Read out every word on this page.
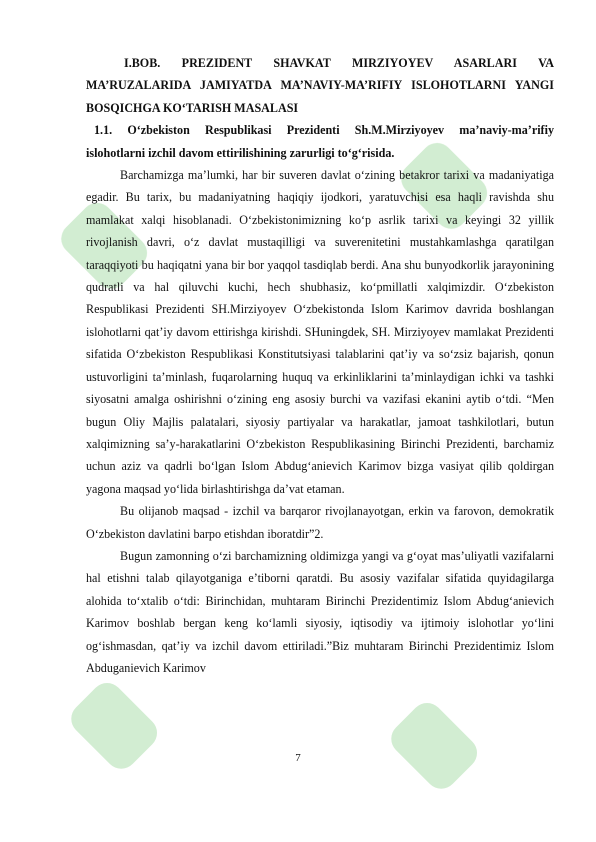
I.BOB. PREZIDENT SHAVKAT MIRZIYOYEV ASARLARI VA MA’RUZALARIDA JAMIYATDA MA’NAVIY-MA’RIFIY ISLOHOTLARNI YANGI BOSQICHGA KO‘TARISH MASALASI

1.1. O‘zbekiston Respublikasi Prezidenti Sh.M.Mirziyoyev ma’naviy-ma’rifiy islohotlarni izchil davom ettirilishining zarurligi to‘g‘risida.

Barchamizga ma’lumki, har bir suveren davlat o‘zining betakror tarixi va madaniyatiga egadir. Bu tarix, bu madaniyatning haqiqiy ijodkori, yaratuvchisi esa haqli ravishda shu mamlakat xalqi hisoblanadi. O‘zbekistonimizning ko‘p asrlik tarixi va keyingi 32 yillik rivojlanish davri, o‘z davlat mustaqilligi va suverenitetini mustahkamlashga qaratilgan taraqqiyoti bu haqiqatni yana bir bor yaqqol tasdiqlab berdi. Ana shu bunyodkorlik jarayonining qudratli va hal qiluvchi kuchi, hech shubhasiz, ko‘pmillatli xalqimizdir. O‘zbekiston Respublikasi Prezidenti SH.Mirziyoyev O‘zbekistonda Islom Karimov davrida boshlangan islohotlarni qat’iy davom ettirishga kirishdi. SHuningdek, SH. Mirziyoyev mamlakat Prezidenti sifatida O‘zbekiston Respublikasi Konstitutsiyasi talablarini qat’iy va so‘zsiz bajarish, qonun ustuvorligini ta’minlash, fuqarolarning huquq va erkinliklarini ta’minlaydigan ichki va tashki siyosatni amalga oshirishni o‘zining eng asosiy burchi va vazifasi ekanini aytib o‘tdi. “Men bugun Oliy Majlis palatalari, siyosiy partiyalar va harakatlar, jamoat tashkilotlari, butun xalqimizning sa’y-harakatlarini O‘zbekiston Respublikasining Birinchi Prezidenti, barchamiz uchun aziz va qadrli bo‘lgan Islom Abdug‘anievich Karimov bizga vasiyat qilib qoldirgan yagona maqsad yo‘lida birlashtirishga da’vat etaman.

Bu olijanob maqsad - izchil va barqaror rivojlanayotgan, erkin va farovon, demokratik O‘zbekiston davlatini barpo etishdan iboratdir”2.

Bugun zamonning o‘zi barchamizning oldimizga yangi va g‘oyat mas’uliyatli vazifalarni hal etishni talab qilayotganiga e’tiborni qaratdi. Bu asosiy vazifalar sifatida quyidagilarga alohida to‘xtalib o‘tdi: Birinchidan, muhtaram Birinchi Prezidentimiz Islom Abdug‘anievich Karimov boshlab bergan keng ko‘lamli siyosiy, iqtisodiy va ijtimoiy islohotlar yo‘lini og‘ishmasdan, qat’iy va izchil davom ettiriladi.”Biz muhtaram Birinchi Prezidentimiz Islom Abduganievich Karimov

7
